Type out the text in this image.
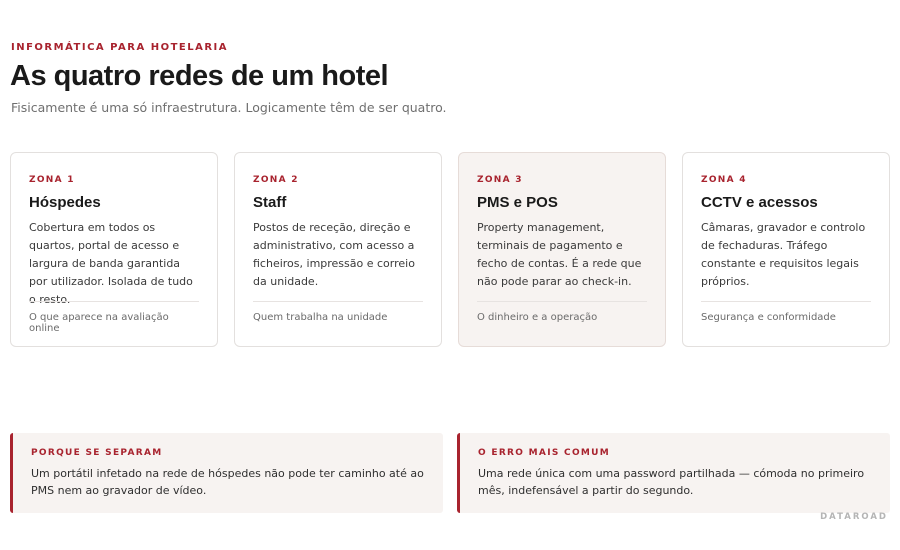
INFORMÁTICA PARA HOTELARIA
As quatro redes de um hotel

Fisicamente é uma só infraestrutura. Logicamente têm de ser quatro.

ZONA 1
Hóspedes
Cobertura em todos os quartos, portal de acesso e largura de banda garantida por utilizador. Isolada de tudo o resto.
O que aparece na avaliação online
ZONA 2
Staff
Postos de receção, direção e administrativo, com acesso a ficheiros, impressão e correio da unidade.
Quem trabalha na unidade
ZONA 3
PMS e POS
Property management, terminais de pagamento e fecho de contas. É a rede que não pode parar ao check-in.
O dinheiro e a operação
ZONA 4
CCTV e acessos
Câmaras, gravador e controlo de fechaduras. Tráfego constante e requisitos legais próprios.
Segurança e conformidade
PORQUE SE SEPARAM
Um portátil infetado na rede de hóspedes não pode ter caminho até ao PMS nem ao gravador de vídeo.
O ERRO MAIS COMUM
Uma rede única com uma password partilhada — cómoda no primeiro mês, indefensável a partir do segundo.
DATAROAD
